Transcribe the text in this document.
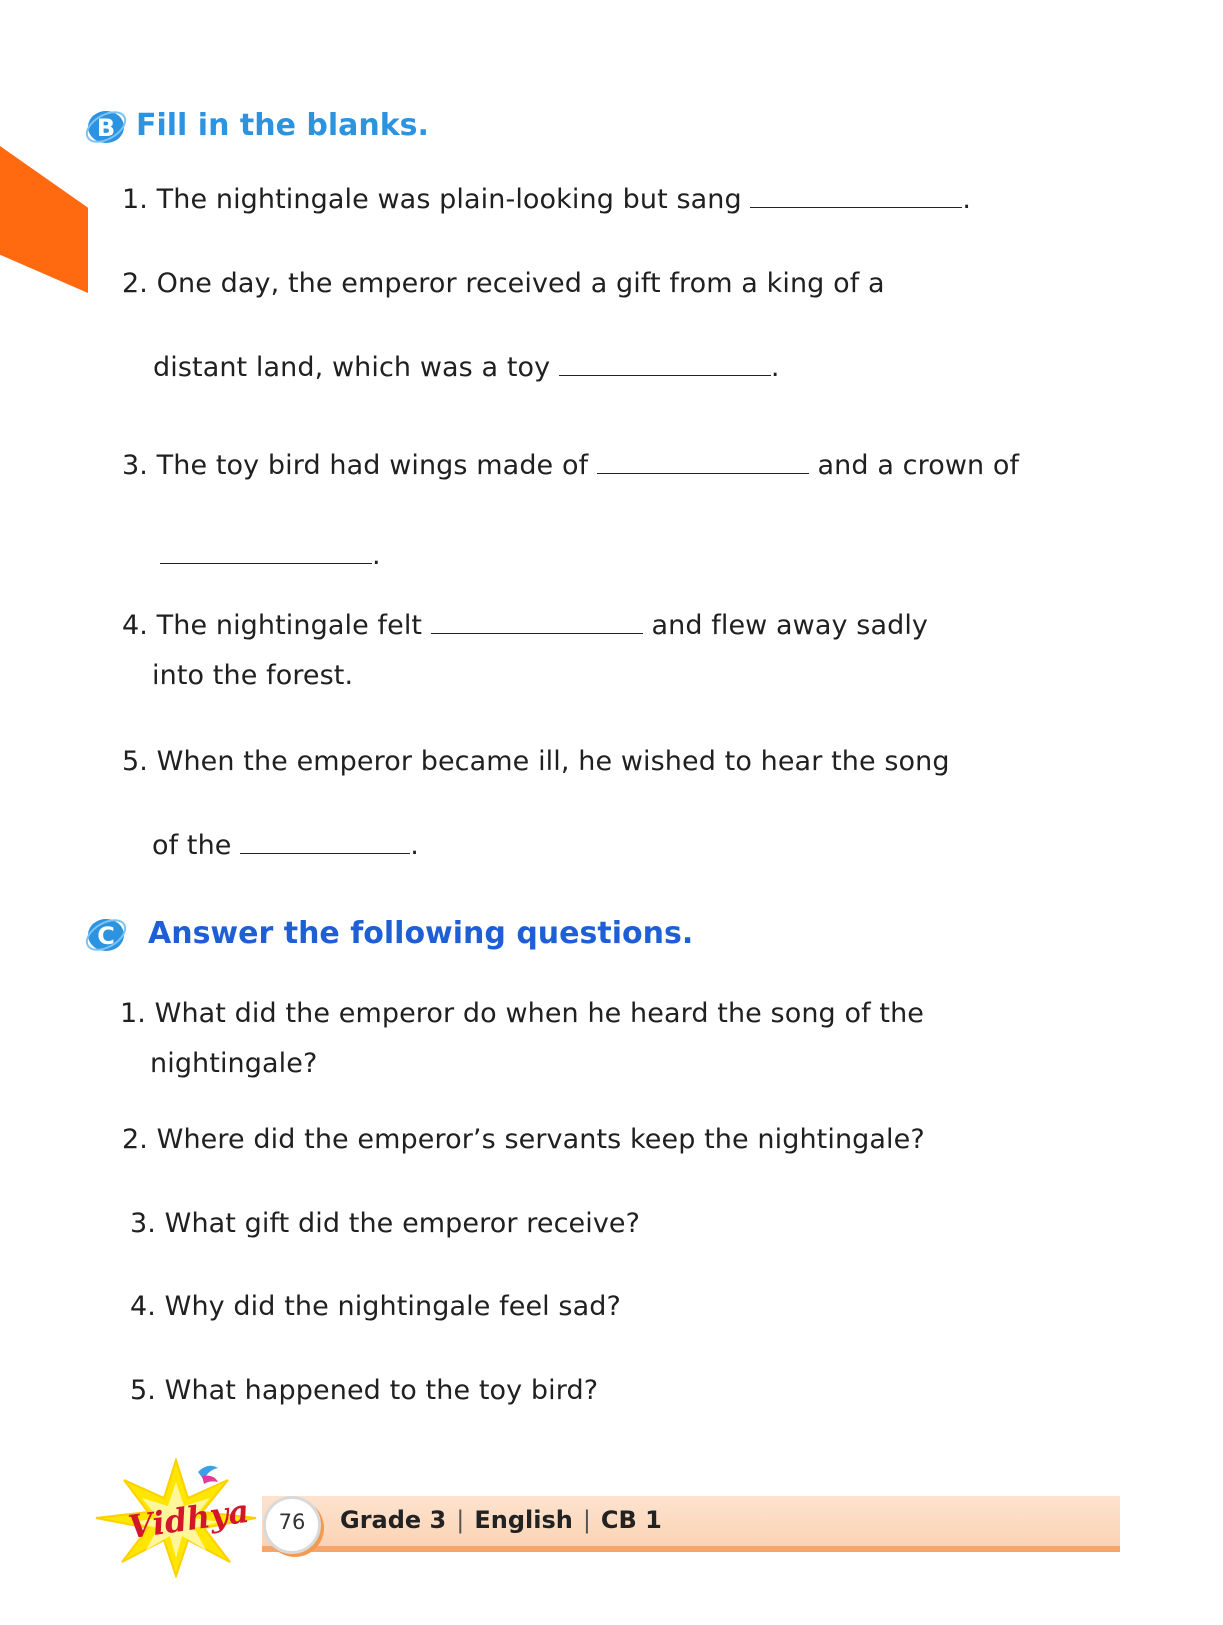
B Fill in the blanks.
1. The nightingale was plain-looking but sang	.
2. One day, the emperor received a gift from a king of a
distant land, which was a toy	.
3. The toy bird had wings made of	and a crown of
.
4. The nightingale felt	and flew away sadly
into the forest.
5. When the emperor became ill, he wished to hear the song
of the	.
C Answer the following questions.
1. What did the emperor do when he heard the song of the
nightingale?
2. Where did the emperor’s servants keep the nightingale?
3. What gift did the emperor receive?
4. Why did the nightingale feel sad?
5. What happened to the toy bird?
Vidhya	76	Grade 3 | English | CB 1
